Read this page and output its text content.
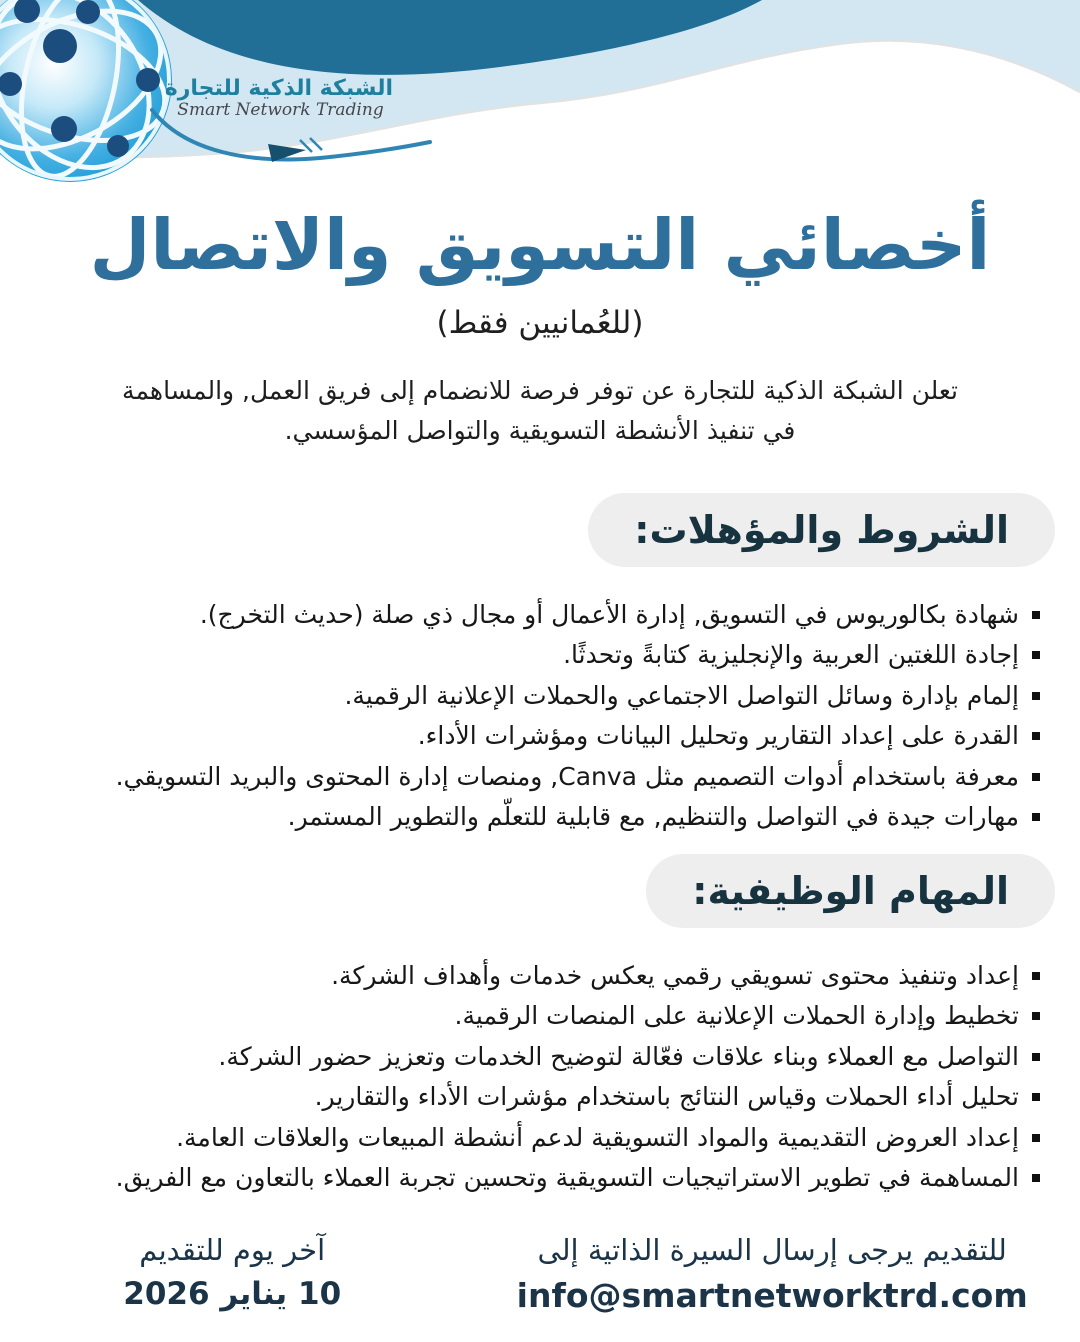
الشبكة الذكية للتجارة
Smart Network Trading
أخصائي التسويق والاتصال
(للعُمانيين فقط)

تعلن الشبكة الذكية للتجارة عن توفر فرصة للانضمام إلى فريق العمل, والمساهمة في تنفيذ الأنشطة التسويقية والتواصل المؤسسي.

الشروط والمؤهلات:
شهادة بكالوريوس في التسويق, إدارة الأعمال أو مجال ذي صلة (حديث التخرج).
إجادة اللغتين العربية والإنجليزية كتابةً وتحدثًا.
إلمام بإدارة وسائل التواصل الاجتماعي والحملات الإعلانية الرقمية.
القدرة على إعداد التقارير وتحليل البيانات ومؤشرات الأداء.
معرفة باستخدام أدوات التصميم مثل Canva, ومنصات إدارة المحتوى والبريد التسويقي.
مهارات جيدة في التواصل والتنظيم, مع قابلية للتعلّم والتطوير المستمر.
المهام الوظيفية:
إعداد وتنفيذ محتوى تسويقي رقمي يعكس خدمات وأهداف الشركة.
تخطيط وإدارة الحملات الإعلانية على المنصات الرقمية.
التواصل مع العملاء وبناء علاقات فعّالة لتوضيح الخدمات وتعزيز حضور الشركة.
تحليل أداء الحملات وقياس النتائج باستخدام مؤشرات الأداء والتقارير.
إعداد العروض التقديمية والمواد التسويقية لدعم أنشطة المبيعات والعلاقات العامة.
المساهمة في تطوير الاستراتيجيات التسويقية وتحسين تجربة العملاء بالتعاون مع الفريق.
للتقديم يرجى إرسال السيرة الذاتية إلى
info@smartnetworktrd.com
آخر يوم للتقديم
10 يناير 2026
